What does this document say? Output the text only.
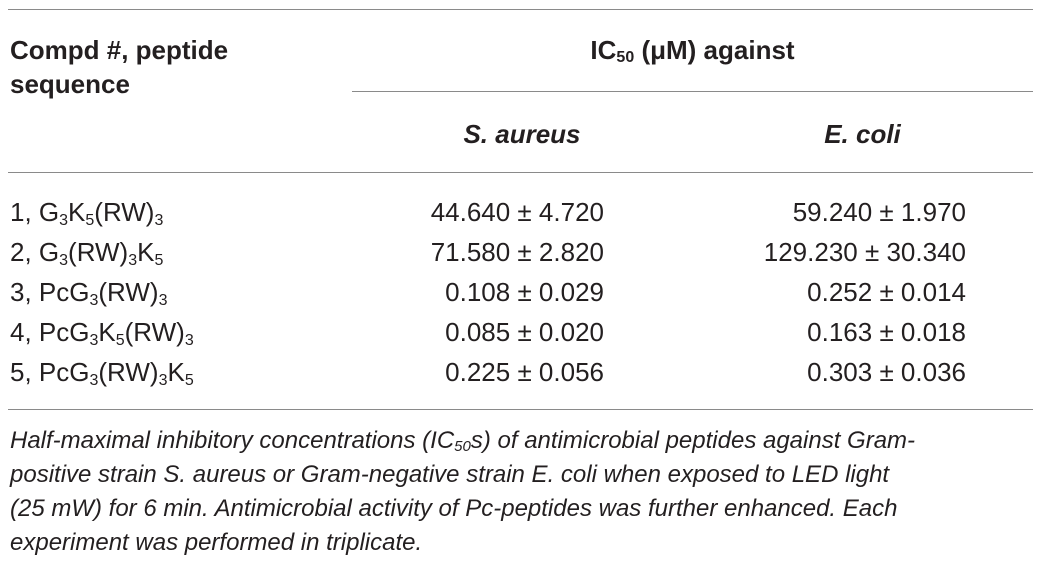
Compd #, peptide
sequence
$IC_{50}$ (μM) against
S. aureus	E. coli
1, $G_3K_5(RW)_3$	44.640 ± 4.720	59.240 ± 1.970
2, $G_3(RW)_3K_5$	71.580 ± 2.820	129.230 ± 30.340
3, $PcG_3(RW)_3$	0.108 ± 0.029	0.252 ± 0.014
4, $PcG_3K_5(RW)_3$	0.085 ± 0.020	0.163 ± 0.018
5, $PcG_3(RW)_3K_5$	0.225 ± 0.056	0.303 ± 0.036
Half-maximal inhibitory concentrations $(IC_{50}s)$ of antimicrobial peptides against Gram-
positive strain S. aureus or Gram-negative strain E. coli when exposed to LED light
(25 mW) for 6 min. Antimicrobial activity of Pc-peptides was further enhanced. Each
experiment was performed in triplicate.
